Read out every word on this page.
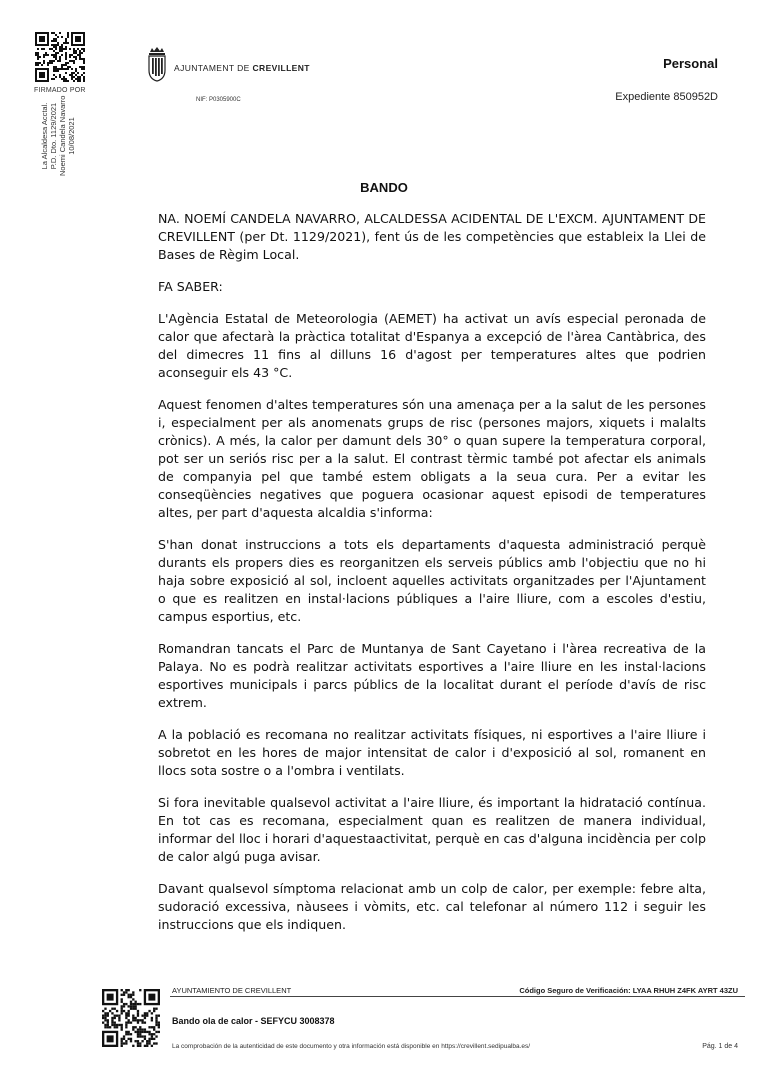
FIRMADO POR
La Alcaldesa Acctal. P.D. Dto. 1129/2021 Noemi Candela Navarro 10/08/2021
AJUNTAMENT DE CREVILLENT
NIF: P0305900C
Personal
Expediente 850952D
BANDO

NA. NOEMÍ CANDELA NAVARRO, ALCALDESSA ACIDENTAL DE L'EXCM. AJUNTAMENT DE CREVILLENT (per Dt. 1129/2021), fent ús de les competències que estableix la Llei de Bases de Règim Local.

FA SABER:

L'Agència Estatal de Meteorologia (AEMET) ha activat un avís especial peronada de calor que afectarà la pràctica totalitat d'Espanya a excepció de l'àrea Cantàbrica, des del dimecres 11 fins al dilluns 16 d'agost per temperatures altes que podrien aconseguir els 43 °C.

Aquest fenomen d'altes temperatures són una amenaça per a la salut de les persones i, especialment per als anomenats grups de risc (persones majors, xiquets i malalts crònics). A més, la calor per damunt dels 30° o quan supere la temperatura corporal, pot ser un seriós risc per a la salut. El contrast tèrmic també pot afectar els animals de companyia pel que també estem obligats a la seua cura. Per a evitar les conseqüències negatives que poguera ocasionar aquest episodi de temperatures altes, per part d'aquesta alcaldia s'informa:

S'han donat instruccions a tots els departaments d'aquesta administració perquè durants els propers dies es reorganitzen els serveis públics amb l'objectiu que no hi haja sobre exposició al sol, incloent aquelles activitats organitzades per l'Ajuntament o que es realitzen en instal·lacions públiques a l'aire lliure, com a escoles d'estiu, campus esportius, etc.

Romandran tancats el Parc de Muntanya de Sant Cayetano i l'àrea recreativa de la Palaya. No es podrà realitzar activitats esportives a l'aire lliure en les instal·lacions esportives municipals i parcs públics de la localitat durant el període d'avís de risc extrem.

A la població es recomana no realitzar activitats físiques, ni esportives a l'aire lliure i sobretot en les hores de major intensitat de calor i d'exposició al sol, romanent en llocs sota sostre o a l'ombra i ventilats.

Si fora inevitable qualsevol activitat a l'aire lliure, és important la hidratació contínua. En tot cas es recomana, especialment quan es realitzen de manera individual, informar del lloc i horari d'aquestaactivitat, perquè en cas d'alguna incidència per colp de calor algú puga avisar.

Davant qualsevol símptoma relacionat amb un colp de calor, per exemple: febre alta, sudoració excessiva, nàusees i vòmits, etc. cal telefonar al número 112 i seguir les instruccions que els indiquen.

AYUNTAMIENTO DE CREVILLENT	Código Seguro de Verificación: LYAA RHUH Z4FK AYRT 43ZU
Bando ola de calor - SEFYCU 3008378
La comprobación de la autenticidad de este documento y otra información está disponible en https://crevillent.sedipualba.es/	Pág. 1 de 4
